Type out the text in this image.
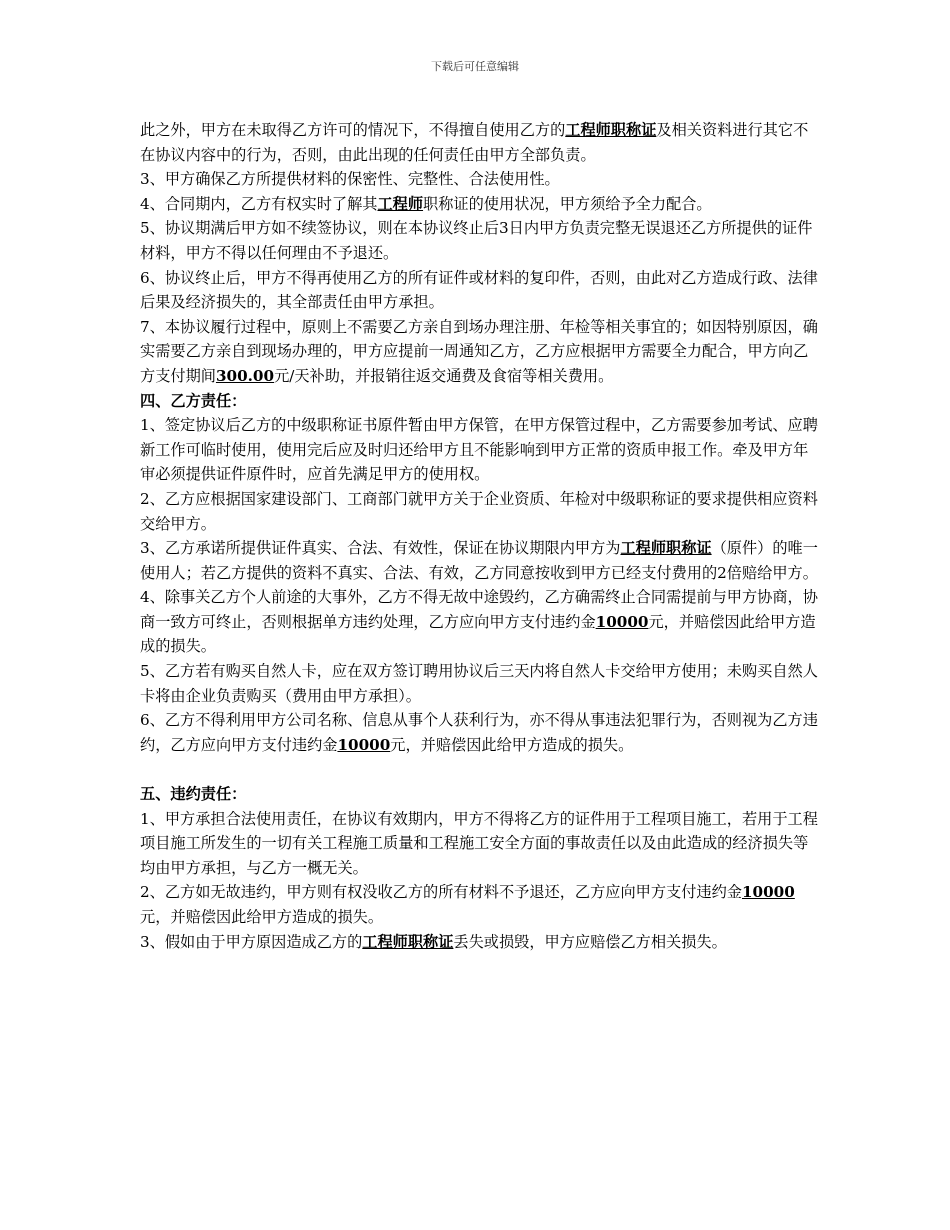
下载后可任意编辑

此之外，甲方在未取得乙方许可的情况下，不得擅自使用乙方的工程师职称证及相关资料进行其它不在协议内容中的行为，否则，由此出现的任何责任由甲方全部负责。

3、甲方确保乙方所提供材料的保密性、完整性、合法使用性。

4、合同期内，乙方有权实时了解其工程师职称证的使用状况，甲方须给予全力配合。

5、协议期满后甲方如不续签协议，则在本协议终止后3日内甲方负责完整无误退还乙方所提供的证件材料，甲方不得以任何理由不予退还。

6、协议终止后，甲方不得再使用乙方的所有证件或材料的复印件，否则，由此对乙方造成行政、法律后果及经济损失的，其全部责任由甲方承担。

7、本协议履行过程中，原则上不需要乙方亲自到场办理注册、年检等相关事宜的；如因特别原因，确实需要乙方亲自到现场办理的，甲方应提前一周通知乙方，乙方应根据甲方需要全力配合，甲方向乙方支付期间300.00元/天补助，并报销往返交通费及食宿等相关费用。

四、乙方责任：

1、签定协议后乙方的中级职称证书原件暂由甲方保管，在甲方保管过程中，乙方需要参加考试、应聘新工作可临时使用，使用完后应及时归还给甲方且不能影响到甲方正常的资质申报工作。牵及甲方年审必须提供证件原件时，应首先满足甲方的使用权。

2、乙方应根据国家建设部门、工商部门就甲方关于企业资质、年检对中级职称证的要求提供相应资料交给甲方。

3、乙方承诺所提供证件真实、合法、有效性，保证在协议期限内甲方为工程师职称证（原件）的唯一使用人；若乙方提供的资料不真实、合法、有效，乙方同意按收到甲方已经支付费用的2倍赔给甲方。

4、除事关乙方个人前途的大事外，乙方不得无故中途毁约，乙方确需终止合同需提前与甲方协商，协商一致方可终止，否则根据单方违约处理，乙方应向甲方支付违约金10000元，并赔偿因此给甲方造成的损失。

5、乙方若有购买自然人卡，应在双方签订聘用协议后三天内将自然人卡交给甲方使用；未购买自然人卡将由企业负责购买（费用由甲方承担）。

6、乙方不得利用甲方公司名称、信息从事个人获利行为，亦不得从事违法犯罪行为，否则视为乙方违约，乙方应向甲方支付违约金10000元，并赔偿因此给甲方造成的损失。

五、违约责任：

1、甲方承担合法使用责任，在协议有效期内，甲方不得将乙方的证件用于工程项目施工，若用于工程项目施工所发生的一切有关工程施工质量和工程施工安全方面的事故责任以及由此造成的经济损失等均由甲方承担，与乙方一概无关。

2、乙方如无故违约，甲方则有权没收乙方的所有材料不予退还，乙方应向甲方支付违约金10000元，并赔偿因此给甲方造成的损失。

3、假如由于甲方原因造成乙方的工程师职称证丢失或损毁，甲方应赔偿乙方相关损失。
